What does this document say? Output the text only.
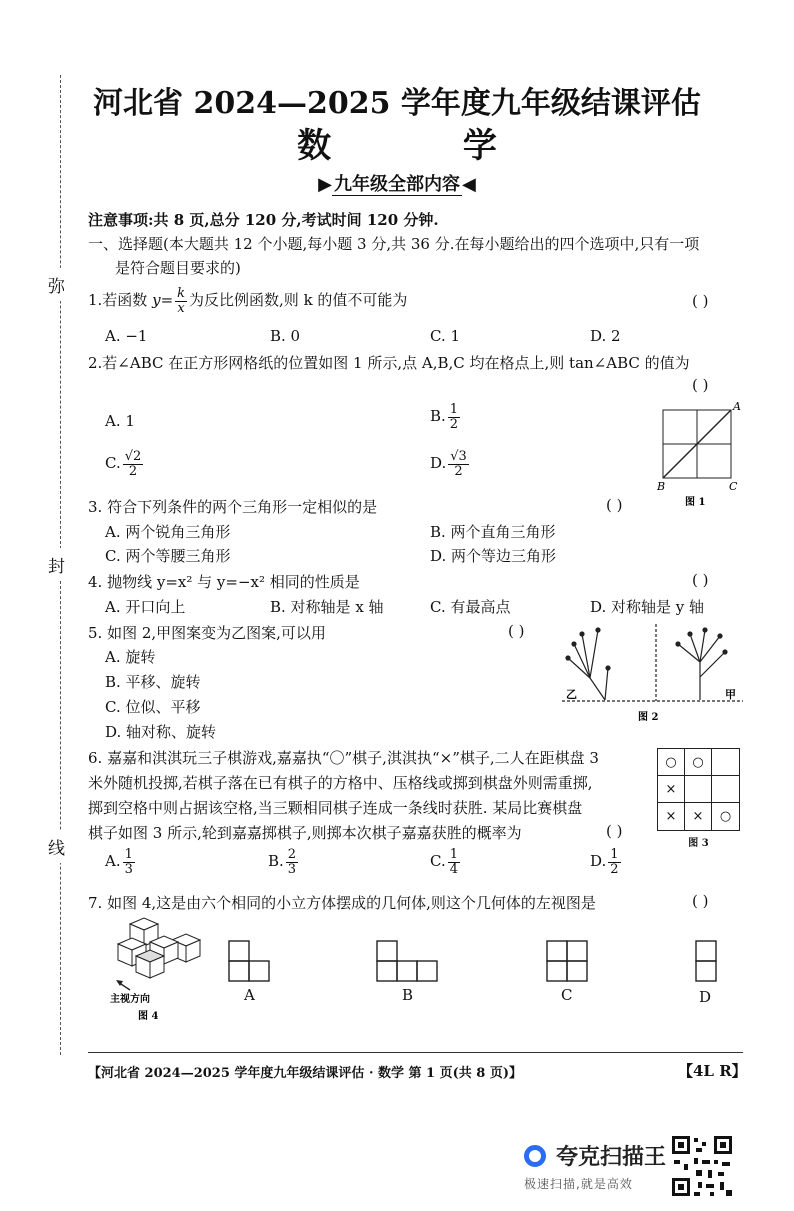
弥
封
线
河北省 2024—2025 学年度九年级结课评估
数 学
▶ 九年级全部内容 ◀
注意事项:共 8 页,总分 120 分,考试时间 120 分钟.
一、选择题(本大题共 12 个小题,每小题 3 分,共 36 分.在每小题给出的四个选项中,只有一项
是符合题目要求的)
1.若函数 $y= \frac{k}{x}$ 为反比例函数,则 k 的值不可能为	( )
A. −1	B. 0	C. 1	D. 2
2.若∠ABC 在正方形网格纸的位置如图 1 所示,点 A,B,C 均在格点上,则 tan∠ABC 的值为
( )
A. 1	B. $\frac{1}{2}$
C. $\frac{√2}{2}$	D. $\frac{√3}{2}$
A
B	C
图 1
3. 符合下列条件的两个三角形一定相似的是	( )
A. 两个锐角三角形	B. 两个直角三角形
C. 两个等腰三角形	D. 两个等边三角形
4. 抛物线 y=x² 与 y=−x² 相同的性质是	( )
A. 开口向上	B. 对称轴是 x 轴	C. 有最高点	D. 对称轴是 y 轴
5. 如图 2,甲图案变为乙图案,可以用	( )
A. 旋转
B. 平移、旋转
C. 位似、平移
D. 轴对称、旋转
乙	甲
图 2
6. 嘉嘉和淇淇玩三子棋游戏,嘉嘉执“〇”棋子,淇淇执“×”棋子,二人在距棋盘 3
米外随机投掷,若棋子落在已有棋子的方格中、压格线或掷到棋盘外则需重掷,
掷到空格中则占据该空格,当三颗相同棋子连成一条线时获胜. 某局比赛棋盘
棋子如图 3 所示,轮到嘉嘉掷棋子,则掷本次棋子嘉嘉获胜的概率为	( )
A. $\frac{1}{3}$	B. $\frac{2}{3}$	C. $\frac{1}{4}$	D. $\frac{1}{2}$
○	○
×
×	×	○
图 3
7. 如图 4,这是由六个相同的小立方体摆成的几何体,则这个几何体的左视图是	( )
主视方向
图 4
A	B	C	D
【河北省 2024—2025 学年度九年级结课评估 · 数学 第 1 页(共 8 页)】	【4L R】
夸克扫描王
极速扫描,就是高效
